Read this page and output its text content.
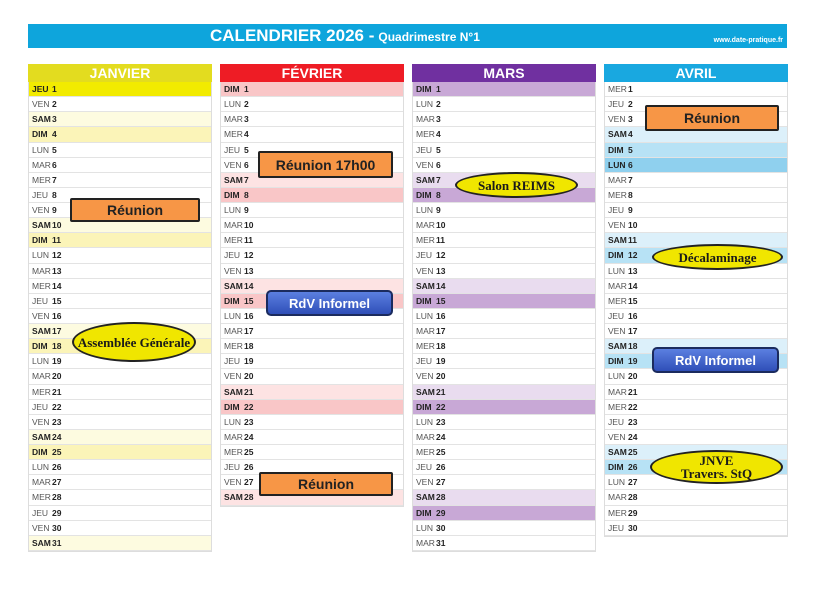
CALENDRIER 2026 - Quadrimestre N°1	www.date-pratique.fr
JANVIER
JEU 1
VEN 2
SAM3
DIM 4
LUN 5
MAR6
MER7
JEU 8
VEN 9
SAM10
DIM 11
LUN 12
MAR13
MER14
JEU 15
VEN 16
SAM17
DIM 18
LUN 19
MAR20
MER21
JEU 22
VEN 23
SAM24
DIM 25
LUN 26
MAR27
MER28
JEU 29
VEN 30
SAM31
FÉVRIER
DIM 1
LUN 2
MAR3
MER4
JEU 5
VEN 6
SAM7
DIM 8
LUN 9
MAR10
MER11
JEU 12
VEN 13
SAM14
DIM 15
LUN 16
MAR17
MER18
JEU 19
VEN 20
SAM21
DIM 22
LUN 23
MAR24
MER25
JEU 26
VEN 27
SAM28
MARS
DIM 1
LUN 2
MAR3
MER4
JEU 5
VEN 6
SAM7
DIM 8
LUN 9
MAR10
MER11
JEU 12
VEN 13
SAM14
DIM 15
LUN 16
MAR17
MER18
JEU 19
VEN 20
SAM21
DIM 22
LUN 23
MAR24
MER25
JEU 26
VEN 27
SAM28
DIM 29
LUN 30
MAR31
AVRIL
MER1
JEU 2
VEN 3
SAM4
DIM 5
LUN 6
MAR7
MER8
JEU 9
VEN 10
SAM11
DIM 12
LUN 13
MAR14
MER15
JEU 16
VEN 17
SAM18
DIM 19
LUN 20
MAR21
MER22
JEU 23
VEN 24
SAM25
DIM 26
LUN 27
MAR28
MER29
JEU 30
Réunion
Assemblée Générale
Réunion 17h00
RdV Informel
Réunion
Salon REIMS
Réunion
Décalaminage
RdV Informel
JNVE
Travers. StQ
